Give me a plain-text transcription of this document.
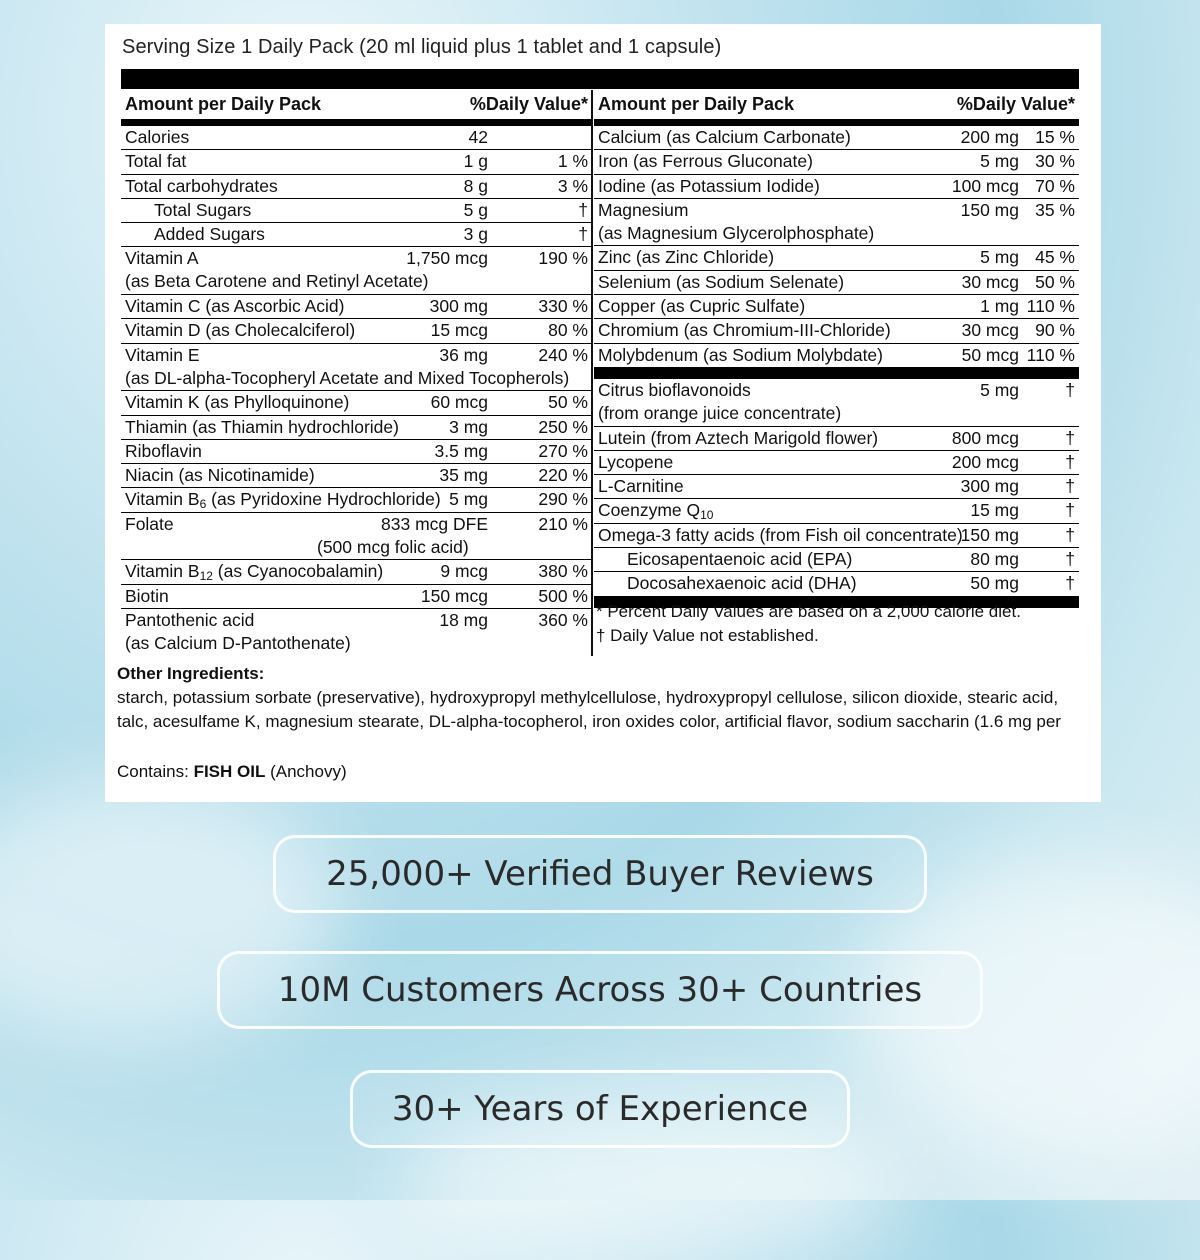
Serving Size 1 Daily Pack (20 ml liquid plus 1 tablet and 1 capsule)
Amount per Daily Pack	%Daily Value*
Calories	42
Total fat	1 g	1 %
Total carbohydrates	8 g	3 %
Total Sugars	5 g	†
Added Sugars	3 g	†
Vitamin A
(as Beta Carotene and Retinyl Acetate)
1,750 mcg	190 %
Vitamin C (as Ascorbic Acid)	300 mg	330 %
Vitamin D (as Cholecalciferol)	15 mcg	80 %
Vitamin E
(as DL-alpha-Tocopheryl Acetate and Mixed Tocopherols)
36 mg	240 %
Vitamin K (as Phylloquinone)	60 mcg	50 %
Thiamin (as Thiamin hydrochloride)	3 mg	250 %
Riboflavin	3.5 mg	270 %
Niacin (as Nicotinamide)	35 mg	220 %
Vitamin $B_6$ (as Pyridoxine Hydrochloride) 5 mg	290 %
Folate
(500 mcg folic acid)
833 mcg DFE	210 %
Vitamin $B_{12}$ (as Cyanocobalamin)	9 mcg	380 %
Biotin	150 mcg	500 %
Pantothenic acid
(as Calcium D-Pantothenate)
18 mg	360 %
Amount per Daily Pack	%Daily Value*
Calcium (as Calcium Carbonate)	200 mg 15 %
Iron (as Ferrous Gluconate)	5 mg 30 %
Iodine (as Potassium Iodide)	100 mcg 70 %
Magnesium
(as Magnesium Glycerolphosphate)
150 mg 35 %
Zinc (as Zinc Chloride)	5 mg 45 %
Selenium (as Sodium Selenate)	30 mcg 50 %
Copper (as Cupric Sulfate)	1 mg 110 %
Chromium (as Chromium-III-Chloride)	30 mcg 90 %
Molybdenum (as Sodium Molybdate)	50 mcg 110 %
Citrus bioflavonoids
(from orange juice concentrate)
5 mg	†
Lutein (from Aztech Marigold flower)	800 mcg	†
Lycopene	200 mcg	†
L-Carnitine	300 mg	†
Coenzyme $Q_{10}$	15 mg	†
Omega-3 fatty acids (from Fish oil concentrate)
150 mg	†
Eicosapentaenoic acid (EPA)	80 mg	†
Docosahexaenoic acid (DHA)	50 mg	†
* Percent Daily Values are based on a 2,000 calorie diet.
† Daily Value not established.
Other Ingredients:
starch, potassium sorbate (preservative), hydroxypropyl methylcellulose, hydroxypropyl cellulose, silicon dioxide, stearic acid, talc, acesulfame K, magnesium stearate, DL-alpha-tocopherol, iron oxides color, artificial flavor, sodium saccharin (1.6 mg per
Contains: FISH OIL (Anchovy)
25,000+ Verified Buyer Reviews
10M Customers Across 30+ Countries
30+ Years of Experience
